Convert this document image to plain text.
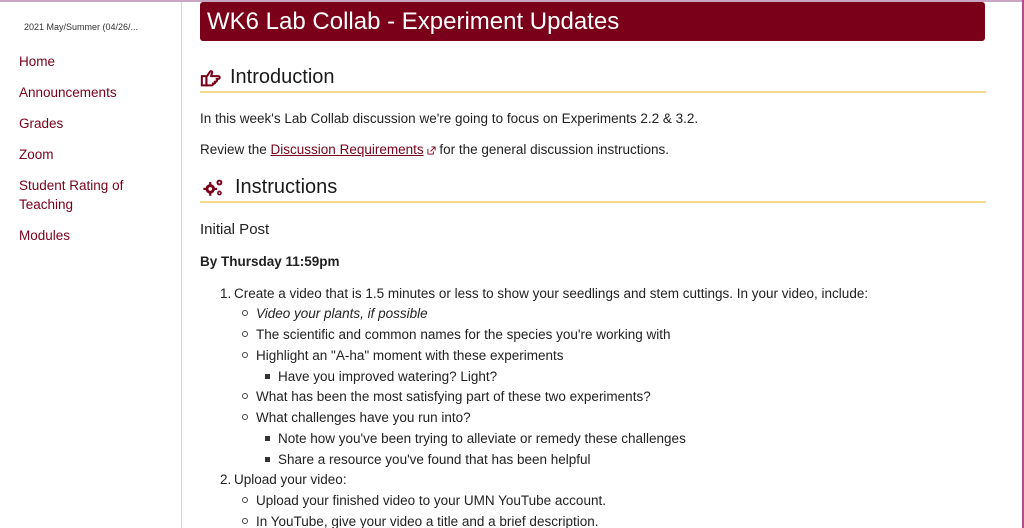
2021 May/Summer (04/26/...
Home
Announcements
Grades
Zoom
Student Rating of Teaching
Modules
WK6 Lab Collab - Experiment Updates
Introduction
In this week's Lab Collab discussion we're going to focus on Experiments 2.2 & 3.2.
Review the Discussion Requirements for the general discussion instructions.
Instructions
Initial Post
By Thursday 11:59pm
1. Create a video that is 1.5 minutes or less to show your seedlings and stem cuttings. In your video, include:
Video your plants, if possible
The scientific and common names for the species you're working with
Highlight an "A-ha" moment with these experiments
Have you improved watering? Light?
What has been the most satisfying part of these two experiments?
What challenges have you run into?
Note how you've been trying to alleviate or remedy these challenges
Share a resource you've found that has been helpful
2. Upload your video:
Upload your finished video to your UMN YouTube account.
In YouTube, give your video a title and a brief description.
